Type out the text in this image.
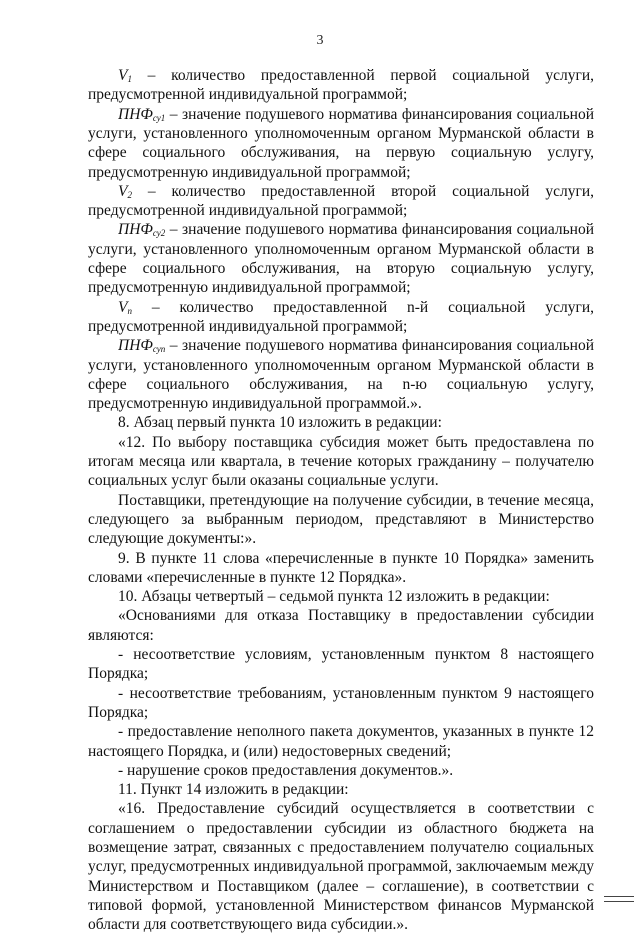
3
$V_1$ – количество предоставленной первой социальной услуги,
предусмотренной индивидуальной программой;
$ПНФ_{су1}$ – значение подушевого норматива финансирования социальной
услуги, установленного уполномоченным органом Мурманской области в
сфере социального обслуживания, на первую социальную услугу,
предусмотренную индивидуальной программой;
$V_2$ – количество предоставленной второй социальной услуги,
предусмотренной индивидуальной программой;
$ПНФ_{су2}$ – значение подушевого норматива финансирования социальной
услуги, установленного уполномоченным органом Мурманской области в
сфере социального обслуживания, на вторую социальную услугу,
предусмотренную индивидуальной программой;
$V_n$ – количество предоставленной n-й социальной услуги,
предусмотренной индивидуальной программой;
$ПНФ_{суn}$ – значение подушевого норматива финансирования социальной
услуги, установленного уполномоченным органом Мурманской области в
сфере социального обслуживания, на n-ю социальную услугу,
предусмотренную индивидуальной программой.».
8. Абзац первый пункта 10 изложить в редакции:
«12. По выбору поставщика субсидия может быть предоставлена по
итогам месяца или квартала, в течение которых гражданину – получателю
социальных услуг были оказаны социальные услуги.
Поставщики, претендующие на получение субсидии, в течение месяца,
следующего за выбранным периодом, представляют в Министерство
следующие документы:».
9. В пункте 11 слова «перечисленные в пункте 10 Порядка» заменить
словами «перечисленные в пункте 12 Порядка».
10. Абзацы четвертый – седьмой пункта 12 изложить в редакции:
«Основаниями для отказа Поставщику в предоставлении субсидии
являются:
- несоответствие условиям, установленным пунктом 8 настоящего
Порядка;
- несоответствие требованиям, установленным пунктом 9 настоящего
Порядка;
- предоставление неполного пакета документов, указанных в пункте 12
настоящего Порядка, и (или) недостоверных сведений;
- нарушение сроков предоставления документов.».
11. Пункт 14 изложить в редакции:
«16. Предоставление субсидий осуществляется в соответствии с
соглашением о предоставлении субсидии из областного бюджета на
возмещение затрат, связанных с предоставлением получателю социальных
услуг, предусмотренных индивидуальной программой, заключаемым между
Министерством и Поставщиком (далее – соглашение), в соответствии с
типовой формой, установленной Министерством финансов Мурманской
области для соответствующего вида субсидии.».
